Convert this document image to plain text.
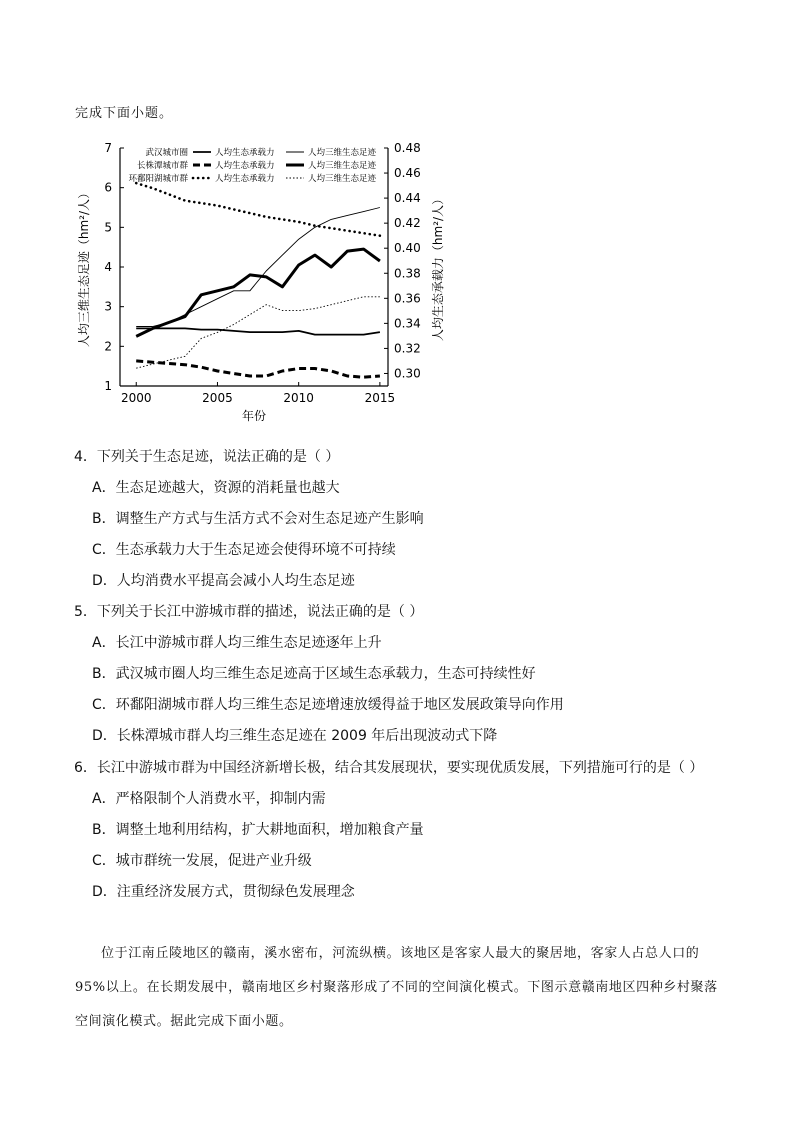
完成下面小题。
1
2
3
4
5
6
7
0.30
0.32
0.34
0.36
0.38
0.40
0.42
0.44
0.46
0.48
2000	2005	2010	2015
年份
人均三维生态足迹（hm²/人）	人均生态承载力（hm²/人）
武汉城市圈	人均生态承载力	人均三维生态足迹
长株潭城市群	人均生态承载力	人均三维生态足迹
环鄱阳湖城市群	人均生态承载力	人均三维生态足迹
4．下列关于生态足迹，说法正确的是（ ）
A．生态足迹越大，资源的消耗量也越大
B．调整生产方式与生活方式不会对生态足迹产生影响
C．生态承载力大于生态足迹会使得环境不可持续
D．人均消费水平提高会减小人均生态足迹
5．下列关于长江中游城市群的描述，说法正确的是（ ）
A．长江中游城市群人均三维生态足迹逐年上升
B．武汉城市圈人均三维生态足迹高于区域生态承载力，生态可持续性好
C．环鄱阳湖城市群人均三维生态足迹增速放缓得益于地区发展政策导向作用
D．长株潭城市群人均三维生态足迹在 2009 年后出现波动式下降
6．长江中游城市群为中国经济新增长极，结合其发展现状，要实现优质发展，下列措施可行的是（ ）
A．严格限制个人消费水平，抑制内需
B．调整土地利用结构，扩大耕地面积，增加粮食产量
C．城市群统一发展，促进产业升级
D．注重经济发展方式，贯彻绿色发展理念
位于江南丘陵地区的赣南，溪水密布，河流纵横。该地区是客家人最大的聚居地，客家人占总人口的 95%以上。在长期发展中，赣南地区乡村聚落形成了不同的空间演化模式。下图示意赣南地区四种乡村聚落空间演化模式。据此完成下面小题。
